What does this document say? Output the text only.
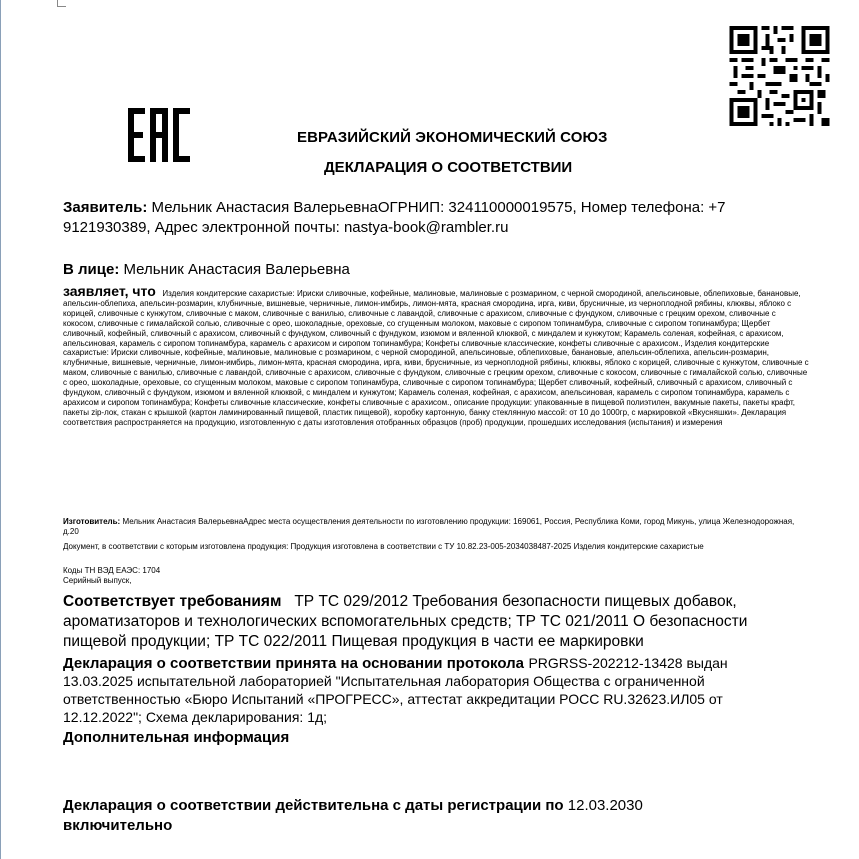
ЕВРАЗИЙСКИЙ ЭКОНОМИЧЕСКИЙ СОЮЗ
ДЕКЛАРАЦИЯ О СООТВЕТСТВИИ
Заявитель: Мельник Анастасия ВалерьевнаОГРНИП: 324110000019575, Номер телефона: +7 9121930389, Адрес электронной почты: nastya-book@rambler.ru
В лице: Мельник Анастасия Валерьевна
заявляет, что Изделия кондитерские сахаристые: Ириски сливочные, кофейные, малиновые, малиновые с розмарином, с черной смородиной, апельсиновые, облепиховые, банановые, апельсин-облепиха, апельсин-розмарин, клубничные, вишневые, черничные, лимон-имбирь, лимон-мята, красная смородина, ирга, киви, брусничные, из черноплодной рябины, клюквы, яблоко с корицей, сливочные с кунжутом, сливочные с маком, сливочные с ванилью, сливочные с лавандой, сливочные с арахисом, сливочные с фундуком, сливочные с грецким орехом, сливочные с кокосом, сливочные с гималайской солью, сливочные с орео, шоколадные, ореховые, со сгущенным молоком, маковые с сиропом топинамбура, сливочные с сиропом топинамбура; Щербет сливочный, кофейный, сливочный с арахисом, сливочный с фундуком, сливочный с фундуком, изюмом и вяленной клюквой, с миндалем и кунжутом; Карамель соленая, кофейная, с арахисом, апельсиновая, карамель с сиропом топинамбура, карамель с арахисом и сиропом топинамбура; Конфеты сливочные классические, конфеты сливочные с арахисом., Изделия кондитерские сахаристые: Ириски сливочные, кофейные, малиновые, малиновые с розмарином, с черной смородиной, апельсиновые, облепиховые, банановые, апельсин-облепиха, апельсин-розмарин, клубничные, вишневые, черничные, лимон-имбирь, лимон-мята, красная смородина, ирга, киви, брусничные, из черноплодной рябины, клюквы, яблоко с корицей, сливочные с кунжутом, сливочные с маком, сливочные с ванилью, сливочные с лавандой, сливочные с арахисом, сливочные с фундуком, сливочные с грецким орехом, сливочные с кокосом, сливочные с гималайской солью, сливочные с орео, шоколадные, ореховые, со сгущенным молоком, маковые с сиропом топинамбура, сливочные с сиропом топинамбура; Щербет сливочный, кофейный, сливочный с арахисом, сливочный с фундуком, сливочный с фундуком, изюмом и вяленной клюквой, с миндалем и кунжутом; Карамель соленая, кофейная, с арахисом, апельсиновая, карамель с сиропом топинамбура, карамель с арахисом и сиропом топинамбура; Конфеты сливочные классические, конфеты сливочные с арахисом., описание продукции: упакованные в пищевой полиэтилен, вакумные пакеты, пакеты крафт, пакеты zip-лок, стакан с крышкой (картон ламинированный пищевой, пластик пищевой), коробку картонную, банку стеклянную массой: от 10 до 1000гр, с маркировкой «Вкусняшки». Декларация соответствия распространяется на продукцию, изготовленную с даты изготовления отобранных образцов (проб) продукции, прошедших исследования (испытания) и измерения
Изготовитель: Мельник Анастасия ВалерьевнаАдрес места осуществления деятельности по изготовлению продукции: 169061, Россия, Республика Коми, город Микунь, улица Железнодорожная, д.20
Документ, в соответствии с которым изготовлена продукция: Продукция изготовлена в соответствии с ТУ 10.82.23-005-2034038487-2025 Изделия кондитерские сахаристые
Коды ТН ВЭД ЕАЭС: 1704
Серийный выпуск,
Соответствует требованиям ТР ТС 029/2012 Требования безопасности пищевых добавок, ароматизаторов и технологических вспомогательных средств; ТР ТС 021/2011 О безопасности пищевой продукции; ТР ТС 022/2011 Пищевая продукция в части ее маркировки
Декларация о соответствии принята на основании протокола PRGRSS-202212-13428 выдан 13.03.2025 испытательной лабораторией "Испытательная лаборатория Общества с ограниченной ответственностью «Бюро Испытаний «ПРОГРЕСС», аттестат аккредитации РОСС RU.32623.ИЛ05 от 12.12.2022"; Схема декларирования: 1д;
Дополнительная информация
Декларация о соответствии действительна с даты регистрации по 12.03.2030
включительно
